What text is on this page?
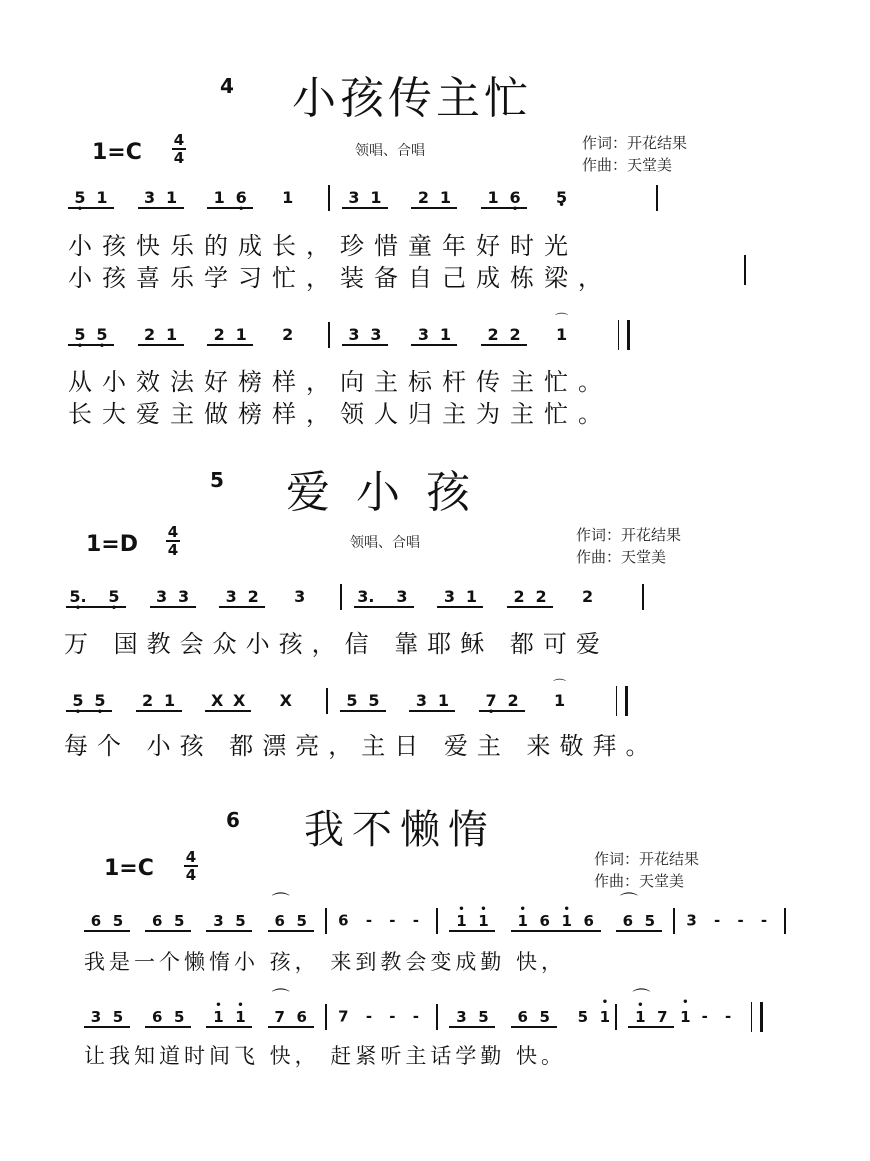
4 小孩传主忙
1=C 4
4	领唱、合唱	作词：开花结果
作曲：天堂美
5 • 1 3 1 1 6 • 1	3 1 2 1 1 6 • 5 •
小孩快乐的成长，珍惜童年好时光
小孩喜乐学习忙，装备自己成栋梁，
5 • 5 • 2 1 2 1 2	3 3 3 1 2 2 ⌒ 1
从小效法好榜样，向主标杆传主忙。
长大爱主做榜样，领人归主为主忙。
5 爱 小 孩
1=D 4
4	领唱、合唱	作词：开花结果
作曲：天堂美
5. • 5 • 3 3 3 2 3	3. 3 3 1 2 2 2
万 国教会众小孩，信 靠耶稣 都可爱
5 • 5 • 2 1 X X X	5 5 3 1 7 • 2 ⌒ 1
每个 小孩 都漂亮，主日 爱主 来敬拜。
6 我不懒惰
1=C 4
4
作词：开花结果
作曲：天堂美
6 5 6 5 3 5 ⌒ 6 5 6 - - - • 1 • 1 • 1 6 • 1 6 ⌒ 6 5 3 - - -
我是一个懒惰小 孩， 来到教会变成勤 快，
3 5 6 5 • 1 • 1 ⌒ 7 6 7 - - - 3 5 6 5 5 • 1 ⌒ • 1 7 • 1 - -
让我知道时间飞 快， 赶紧听主话学勤 快。
